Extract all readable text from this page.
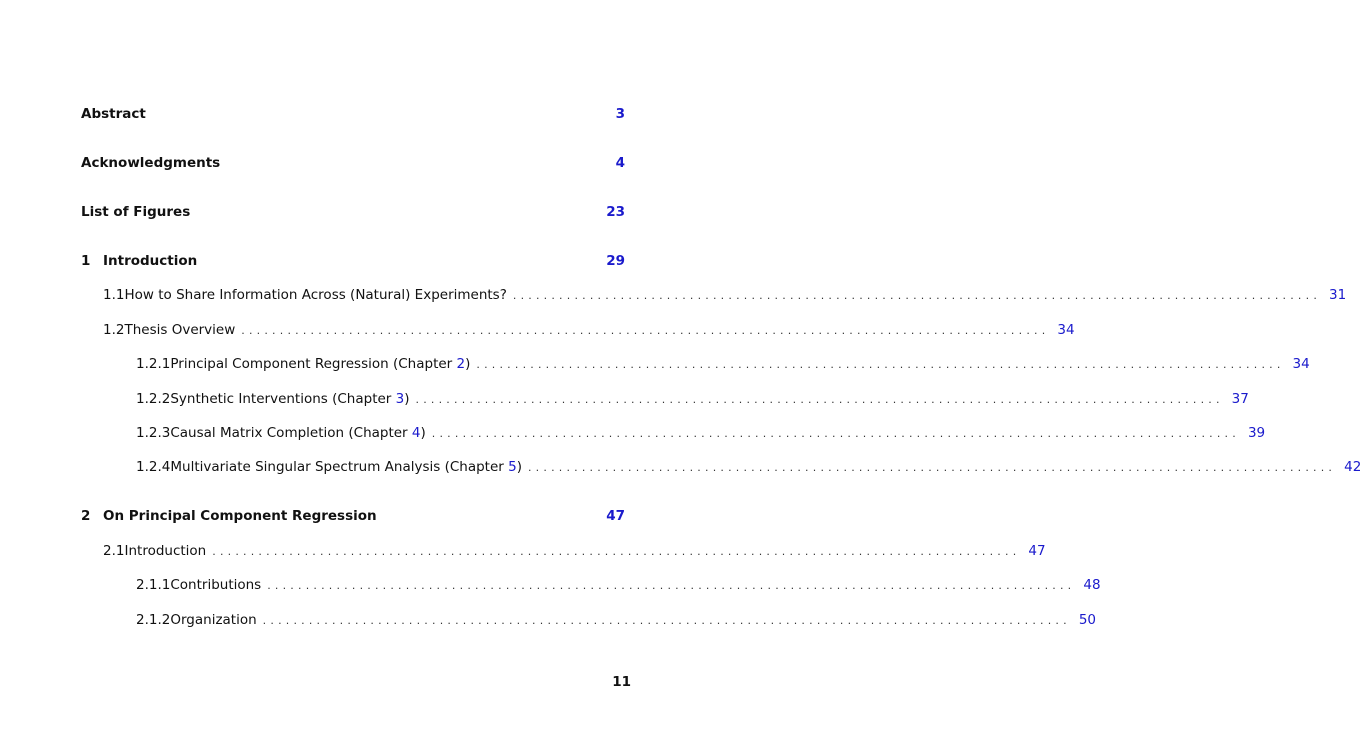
Abstract	3
Acknowledgments	4
List of Figures	23
1 Introduction	29
1.1 How to Share Information Across (Natural) Experiments? ......................................................................................................... 31
1.2 Thesis Overview ......................................................................................................... 34
1.2.1 Principal Component Regression (Chapter 2) ......................................................................................................... 34
1.2.2 Synthetic Interventions (Chapter 3) ......................................................................................................... 37
1.2.3 Causal Matrix Completion (Chapter 4) ......................................................................................................... 39
1.2.4 Multivariate Singular Spectrum Analysis (Chapter 5) ......................................................................................................... 42
2 On Principal Component Regression	47
2.1 Introduction ......................................................................................................... 47
2.1.1 Contributions ......................................................................................................... 48
2.1.2 Organization ......................................................................................................... 50
11
